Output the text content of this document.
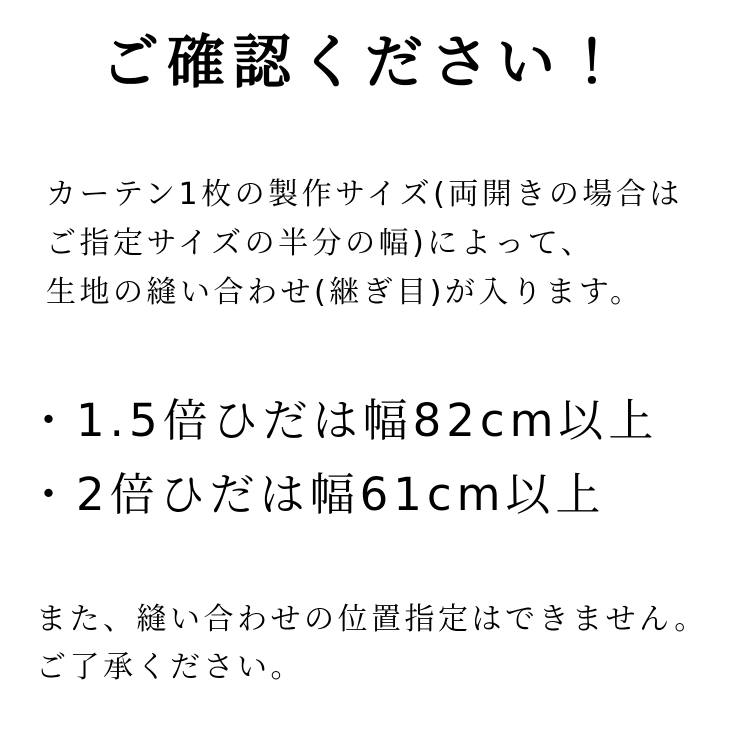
ご確認ください！

カーテン1枚の製作サイズ(両開きの場合は

ご指定サイズの半分の幅)によって、

生地の縫い合わせ(継ぎ目)が入ります。

・1.5倍ひだは幅82cm以上
・2倍ひだは幅61cm以上

また、縫い合わせの位置指定はできません。

ご了承ください。
